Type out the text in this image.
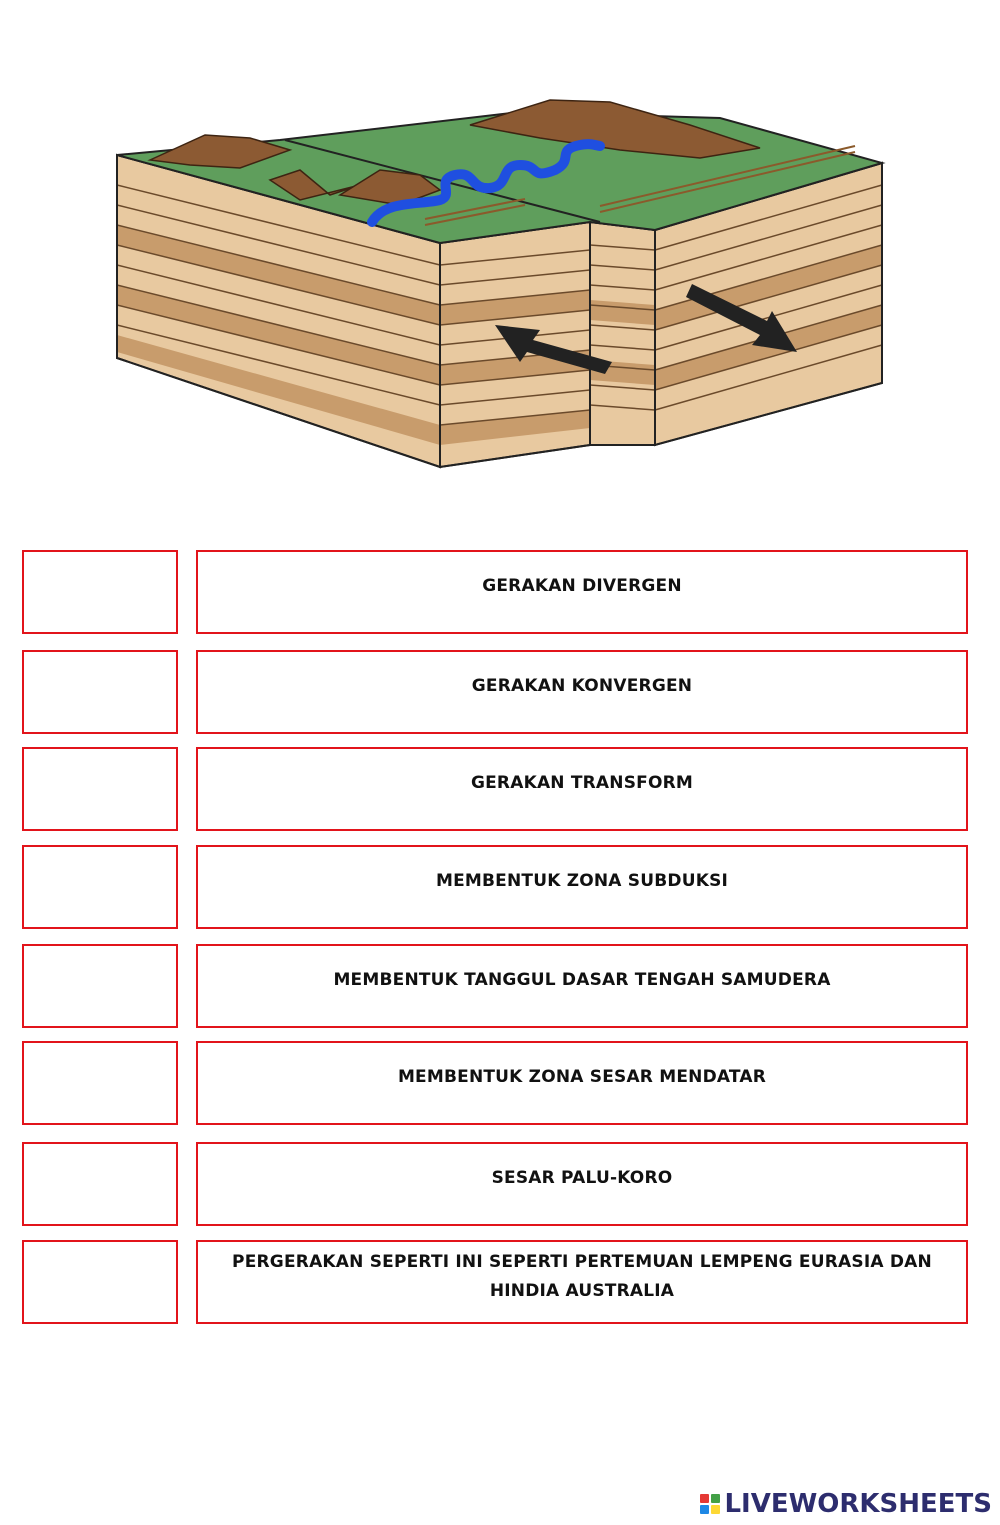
GERAKAN DIVERGEN
GERAKAN KONVERGEN
GERAKAN TRANSFORM
MEMBENTUK ZONA SUBDUKSI
MEMBENTUK TANGGUL DASAR TENGAH SAMUDERA
MEMBENTUK ZONA SESAR MENDATAR
SESAR PALU-KORO
PERGERAKAN SEPERTI INI SEPERTI PERTEMUAN LEMPENG EURASIA DAN HINDIA AUSTRALIA
LIVEWORKSHEETS
